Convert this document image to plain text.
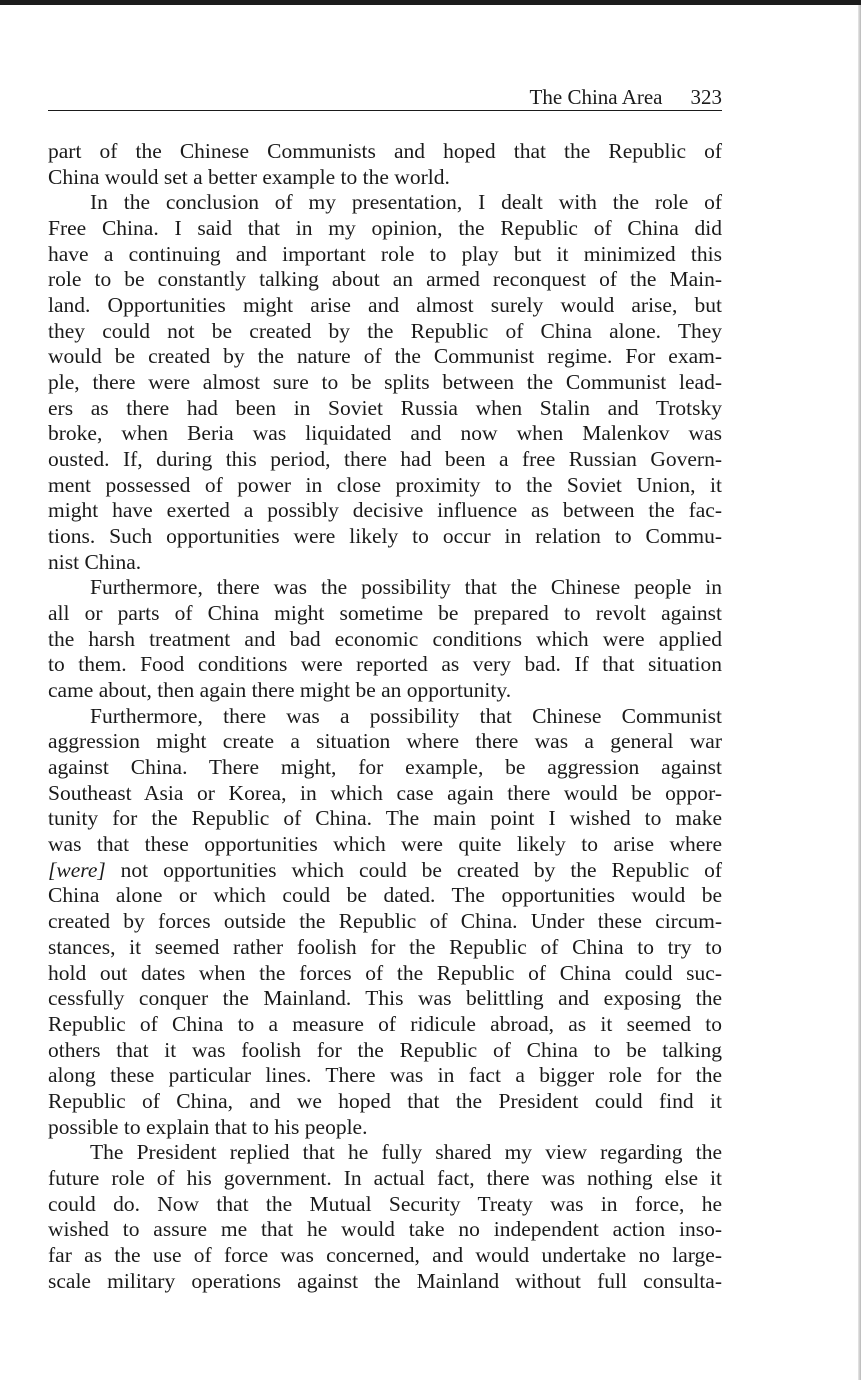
The China Area 323
part of the Chinese Communists and hoped that the Republic of
China would set a better example to the world.
In the conclusion of my presentation, I dealt with the role of
Free China. I said that in my opinion, the Republic of China did
have a continuing and important role to play but it minimized this
role to be constantly talking about an armed reconquest of the Main-
land. Opportunities might arise and almost surely would arise, but
they could not be created by the Republic of China alone. They
would be created by the nature of the Communist regime. For exam-
ple, there were almost sure to be splits between the Communist lead-
ers as there had been in Soviet Russia when Stalin and Trotsky
broke, when Beria was liquidated and now when Malenkov was
ousted. If, during this period, there had been a free Russian Govern-
ment possessed of power in close proximity to the Soviet Union, it
might have exerted a possibly decisive influence as between the fac-
tions. Such opportunities were likely to occur in relation to Commu-
nist China.
Furthermore, there was the possibility that the Chinese people in
all or parts of China might sometime be prepared to revolt against
the harsh treatment and bad economic conditions which were applied
to them. Food conditions were reported as very bad. If that situation
came about, then again there might be an opportunity.
Furthermore, there was a possibility that Chinese Communist
aggression might create a situation where there was a general war
against China. There might, for example, be aggression against
Southeast Asia or Korea, in which case again there would be oppor-
tunity for the Republic of China. The main point I wished to make
was that these opportunities which were quite likely to arise where
[were] not opportunities which could be created by the Republic of
China alone or which could be dated. The opportunities would be
created by forces outside the Republic of China. Under these circum-
stances, it seemed rather foolish for the Republic of China to try to
hold out dates when the forces of the Republic of China could suc-
cessfully conquer the Mainland. This was belittling and exposing the
Republic of China to a measure of ridicule abroad, as it seemed to
others that it was foolish for the Republic of China to be talking
along these particular lines. There was in fact a bigger role for the
Republic of China, and we hoped that the President could find it
possible to explain that to his people.
The President replied that he fully shared my view regarding the
future role of his government. In actual fact, there was nothing else it
could do. Now that the Mutual Security Treaty was in force, he
wished to assure me that he would take no independent action inso-
far as the use of force was concerned, and would undertake no large-
scale military operations against the Mainland without full consulta-
